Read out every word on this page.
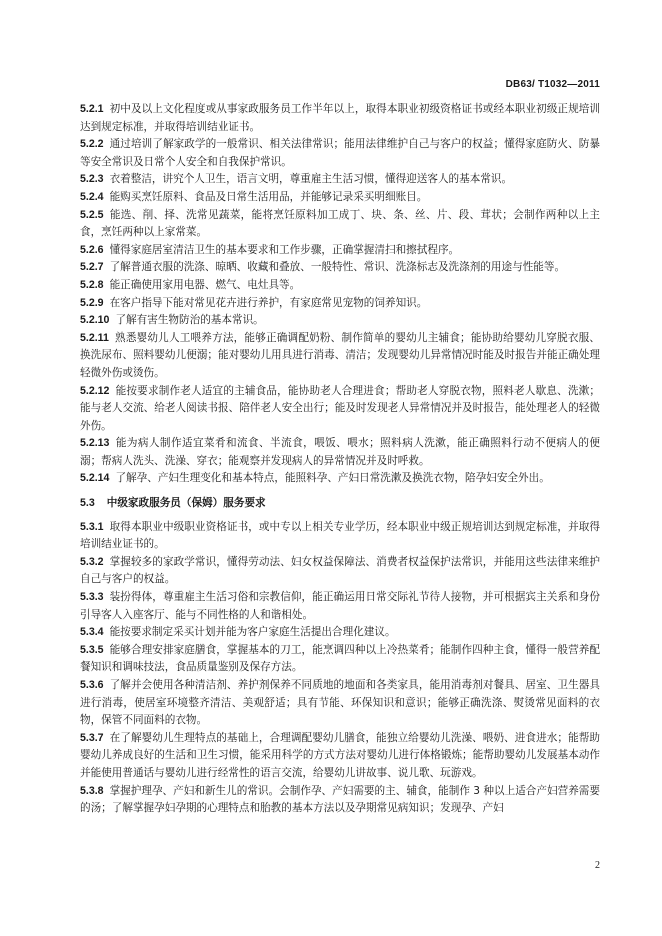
DB63/ T1032—2011

5.2.1 初中及以上文化程度或从事家政服务员工作半年以上，取得本职业初级资格证书或经本职业初级正规培训达到规定标准，并取得培训结业证书。

5.2.2 通过培训了解家政学的一般常识、相关法律常识；能用法律维护自己与客户的权益；懂得家庭防火、防暴等安全常识及日常个人安全和自我保护常识。

5.2.3 衣着整洁，讲究个人卫生，语言文明，尊重雇主生活习惯，懂得迎送客人的基本常识。

5.2.4 能购买烹饪原料、食品及日常生活用品，并能够记录采买明细账目。

5.2.5 能选、削、择、洗常见蔬菜，能将烹饪原料加工成丁、块、条、丝、片、段、茸状；会制作两种以上主食，烹饪两种以上家常菜。

5.2.6 懂得家庭居室清洁卫生的基本要求和工作步骤，正确掌握清扫和擦拭程序。

5.2.7 了解普通衣服的洗涤、晾晒、收藏和叠放、一般特性、常识、洗涤标志及洗涤剂的用途与性能等。

5.2.8 能正确使用家用电器、燃气、电灶具等。

5.2.9 在客户指导下能对常见花卉进行养护，有家庭常见宠物的饲养知识。

5.2.10 了解有害生物防治的基本常识。

5.2.11 熟悉婴幼儿人工喂养方法，能够正确调配奶粉、制作简单的婴幼儿主辅食；能协助给婴幼儿穿脱衣服、换洗尿布、照料婴幼儿便溺；能对婴幼儿用具进行消毒、清洁；发现婴幼儿异常情况时能及时报告并能正确处理轻微外伤或烫伤。

5.2.12 能按要求制作老人适宜的主辅食品，能协助老人合理进食；帮助老人穿脱衣物，照料老人歇息、洗漱；能与老人交流、给老人阅读书报、陪伴老人安全出行；能及时发现老人异常情况并及时报告，能处理老人的轻微外伤。

5.2.13 能为病人制作适宜菜肴和流食、半流食，喂饭、喂水；照料病人洗漱，能正确照料行动不便病人的便溺；帮病人洗头、洗澡、穿衣；能观察并发现病人的异常情况并及时呼救。

5.2.14 了解孕、产妇生理变化和基本特点，能照料孕、产妇日常洗漱及换洗衣物，陪孕妇安全外出。

5.3 中级家政服务员（保姆）服务要求

5.3.1 取得本职业中级职业资格证书，或中专以上相关专业学历，经本职业中级正规培训达到规定标准，并取得培训结业证书的。

5.3.2 掌握较多的家政学常识，懂得劳动法、妇女权益保障法、消费者权益保护法常识，并能用这些法律来维护自己与客户的权益。

5.3.3 装扮得体，尊重雇主生活习俗和宗教信仰，能正确运用日常交际礼节待人接物，并可根据宾主关系和身份引导客人入座客厅、能与不同性格的人和谐相处。

5.3.4 能按要求制定采买计划并能为客户家庭生活提出合理化建议。

5.3.5 能够合理安排家庭膳食，掌握基本的刀工，能烹调四种以上冷热菜肴；能制作四种主食，懂得一般营养配餐知识和调味技法，食品质量鉴别及保存方法。

5.3.6 了解并会使用各种清洁剂、养护剂保养不同质地的地面和各类家具，能用消毒剂对餐具、居室、卫生器具进行消毒，使居室环境整齐清洁、美观舒适；具有节能、环保知识和意识；能够正确洗涤、熨烫常见面料的衣物，保管不同面料的衣物。

5.3.7 在了解婴幼儿生理特点的基础上，合理调配婴幼儿膳食，能独立给婴幼儿洗澡、喂奶、进食进水；能帮助婴幼儿养成良好的生活和卫生习惯，能采用科学的方式方法对婴幼儿进行体格锻炼；能帮助婴幼儿发展基本动作并能使用普通话与婴幼儿进行经常性的语言交流，给婴幼儿讲故事、说儿歌、玩游戏。

5.3.8 掌握护理孕、产妇和新生儿的常识。会制作孕、产妇需要的主、辅食，能制作 3 种以上适合产妇营养需要的汤；了解掌握孕妇孕期的心理特点和胎教的基本方法以及孕期常见病知识；发现孕、产妇

2
